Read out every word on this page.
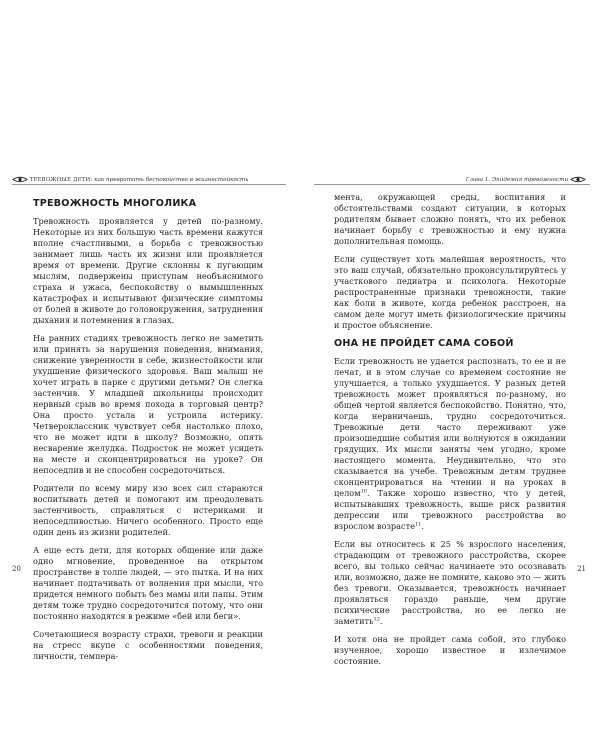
ТРЕВОЖНЫЕ ДЕТИ: как превратить беспокойство в жизнестойкость	Глава 1. Эпидемия тревожности
ТРЕВОЖНОСТЬ МНОГОЛИКА

Тревожность проявляется у детей по-разному. Некоторые из них большую часть времени кажутся вполне счастливыми, а борьба с тревожностью занимает лишь часть их жизни или проявляется время от времени. Другие склонны к пугающим мыслям, подвержены приступам необъяснимого страха и ужаса, беспокойству о вымышленных катастрофах и испытывают физические симптомы от болей в животе до головокружения, затруднения дыхания и потемнения в глазах.

На ранних стадиях тревожность легко не заметить или принять за нарушения поведения, внимания, снижение уверенности в себе, жизнестойкости или ухудшение физического здоровья. Ваш малыш не хочет играть в парке с другими детьми? Он слегка застенчив. У младшей школьницы происходит нервный срыв во время похода в торговый центр? Она просто устала и устроила истерику. Четвероклассник чувствует себя настолько плохо, что не может идти в школу? Возможно, опять несварение желудка. Подросток не может усидеть на месте и сконцентрироваться на уроке? Он непоседлив и не способен сосредоточиться.

Родители по всему миру изо всех сил стараются воспитывать детей и помогают им преодолевать застенчивость, справляться с истериками и непоседливостью. Ничего особенного. Просто еще один день из жизни родителей.

А еще есть дети, для которых общение или даже одно мгновение, проведенное на открытом пространстве в толпе людей, — это пытка. И на них начинает подтачивать от волнения при мысли, что придется немного побыть без мамы или папы. Этим детям тоже трудно сосредоточится потому, что они постоянно находятся в режиме «бей или беги».

Сочетающиеся возрасту страхи, тревоги и реакции на стресс вкупе с особенностями поведения, личности, темпера-

мента, окружающей среды, воспитания и обстоятельствами создают ситуации, в которых родителям бывает сложно понять, что их ребенок начинает борьбу с тревожностью и ему нужна дополнительная помощь.

Если существует хоть малейшая вероятность, что это ваш случай, обязательно проконсультируйтесь у участкового педиатра и психолога. Некоторые распространенные признаки тревожности, такие как боли в животе, когда ребенок расстроен, на самом деле могут иметь физиологические причины и простое объяснение.

ОНА НЕ ПРОЙДЕТ САМА СОБОЙ

Если тревожность не удается распознать, то ее и не лечат, и в этом случае со временем состояние не улучшается, а только ухудшается. У разных детей тревожность может проявляться по-разному, но общей чертой является беспокойство. Понятно, что, когда нервничаешь, трудно сосредоточиться. Тревожные дети часто переживают уже произошедшие события или волнуются в ожидании грядущих. Их мысли заняты чем угодно, кроме настоящего момента. Неудивительно, что это сказывается на учебе. Тревожным детям труднее сконцентрироваться на чтении и на уроках в целом$^{10}$. Также хорошо известно, что у детей, испытывавших тревожность, выше риск развития депрессии или тревожного расстройства во взрослом возрасте$^{11}$.

Если вы относитесь к 25 % взрослого населения, страдающим от тревожного расстройства, скорее всего, вы только сейчас начинаете это осознавать или, возможно, даже не помните, каково это — жить без тревоги. Оказывается, тревожность начинает проявляться гораздо раньше, чем другие психические расстройства, но ее легко не заметить$^{12}$.

И хотя она не пройдет сама собой, это глубоко изученное, хорошо известное и излечимое состояние.

20	21
